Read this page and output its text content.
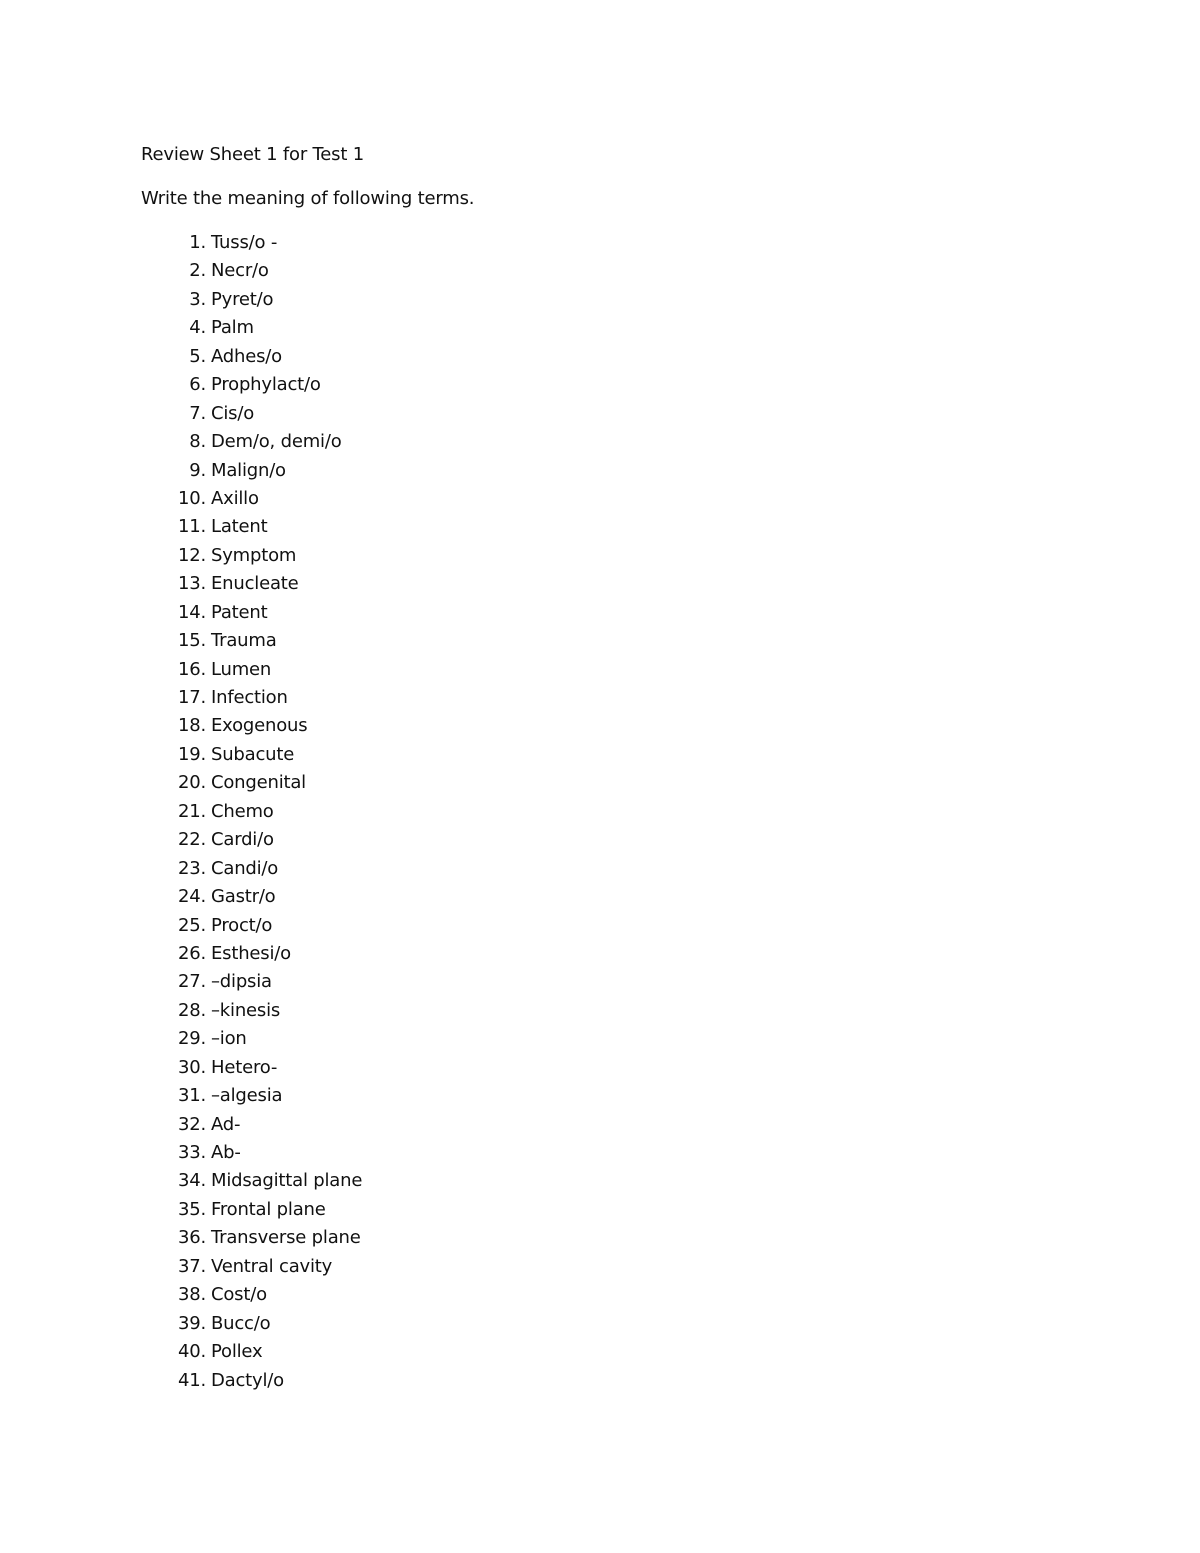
Review Sheet 1 for Test 1
Write the meaning of following terms.
1. Tuss/o -
2. Necr/o
3. Pyret/o
4. Palm
5. Adhes/o
6. Prophylact/o
7. Cis/o
8. Dem/o, demi/o
9. Malign/o
10. Axillo
11. Latent
12. Symptom
13. Enucleate
14. Patent
15. Trauma
16. Lumen
17. Infection
18. Exogenous
19. Subacute
20. Congenital
21. Chemo
22. Cardi/o
23. Candi/o
24. Gastr/o
25. Proct/o
26. Esthesi/o
27. –dipsia
28. –kinesis
29. –ion
30. Hetero-
31. –algesia
32. Ad-
33. Ab-
34. Midsagittal plane
35. Frontal plane
36. Transverse plane
37. Ventral cavity
38. Cost/o
39. Bucc/o
40. Pollex
41. Dactyl/o
